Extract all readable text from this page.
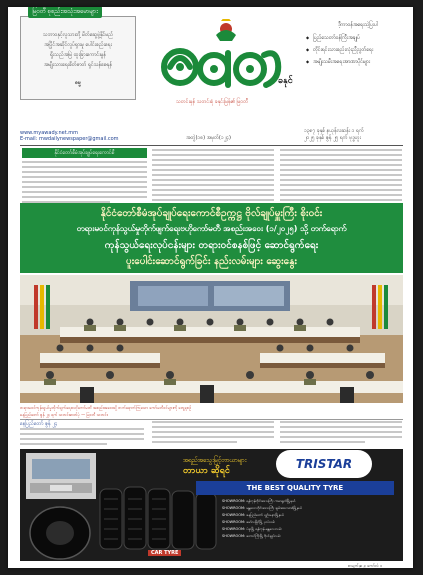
သဘာဝနှင့်လူသားတို့ မိတ်ဆွေဖွဲ့နိုင်မည်
အပြိုင်အဆိုင်လှုပ်ရှားမှု ပေါင်းစည်းရေး
ရှိုးသည်အမြဲ ထူးခြားကောင်းမွန်
အမျိုးသားရေးစိတ်ဓာတ် ရှင်သန်စေရန်
ဓမ္မ
မြဝတီ စုစည်းအသုံးအမောများ
ခနုင်
သတင်းမှန် သတင်းစုံ ခနုင်းမြန်၏ မြဝတီ
ဒီ့ကာဝန်အရေးသဲ့ပြးပါ
◆ ပြည်သေတာ်ဝန်ကြီးအချုပ်
◆ တိုင်းရင်းသားစည်းလုံးညီညွတ်ရေး
◆ အမျိုးသမီးအရေးအာဏာပိုင်များ
www.myawady.net.mm
E-mail: mwdailynewspaper@gmail.com	အတွဲ(၁၈) အမှတ်(၁၂၄)
၁၃၈၇ ခုနှစ် နယုန်လဆန်း ၁ ရက်
၂၀၂၅ ခုနှစ် ဇွန် ၂၅ ရက် ဗုဒ္ဓဟူး
နိုင်ငံတော်စီမံအုပ်ချုပ်ရေးကောင်စီ
နိုင်ငံတော်စီမံအုပ်ချုပ်ရေးကောင်စီဥက္ကဋ္ဌ ဗိုလ်ချုပ်မှူးကြီး စိုးဝင်း
တရားမဝင်ကုန်သွယ်မှုတိုက်ဖျက်ရေးဗဟိုကော်မတီ အစည်းအဝေး (၁/၂၀၂၅) သို့ တက်ရောက်
ကုန်သွယ်ရေးလုပ်ငန်းများ တရားဝင်စနစ်ဖြင့် ဆောင်ရွက်ရေး
ပူးပေါင်းဆောင်ရွက်ခြင်း နည်းလမ်းများ ဆွေးနွေး
တရားမဝင်ကုန်သွယ်မှုတိုက်ဖျက်ရေးဗဟိုကော်မတီ အစည်းအဝေးသို့ တက်ရောက်ကြသော ကော်မတီဝင်များကို တွေ့ရစဉ်
နေပြည်တော် ဇွန် ၂၄ ရက် သတင်းဓာတ်ပုံ — မြဝတီ သတင်း
နေပြည်တော် ဇွန် ၂၄
အရည်အသွေးမြင့်တာယာများ
တာယာ ဆိုရင်	TRISTAR
THE BEST QUALITY TYRE
CAR TYRE
SHOWROOM: ရန်ကုန်တိုင်းဒေသကြီး ကမာရွတ်မြို့နယ်
SHOWROOM: မန္တလေးတိုင်းဒေသကြီး ချမ်းအေးသာစံမြို့နယ်
SHOWROOM: နေပြည်တော် ပျဉ်းမနားမြို့နယ်
SHOWROOM: မော်လမြိုင်မြို့ ပုလဲလမ်း
SHOWROOM: ပဲခူးမြို့ ရန်ကုန်-မန္တလေးလမ်း
SHOWROOM: တောင်ကြီးမြို့ ဗိုလ်ချုပ်လမ်း
စာမျက်နှာ ၉ ကော်လံ ၁
